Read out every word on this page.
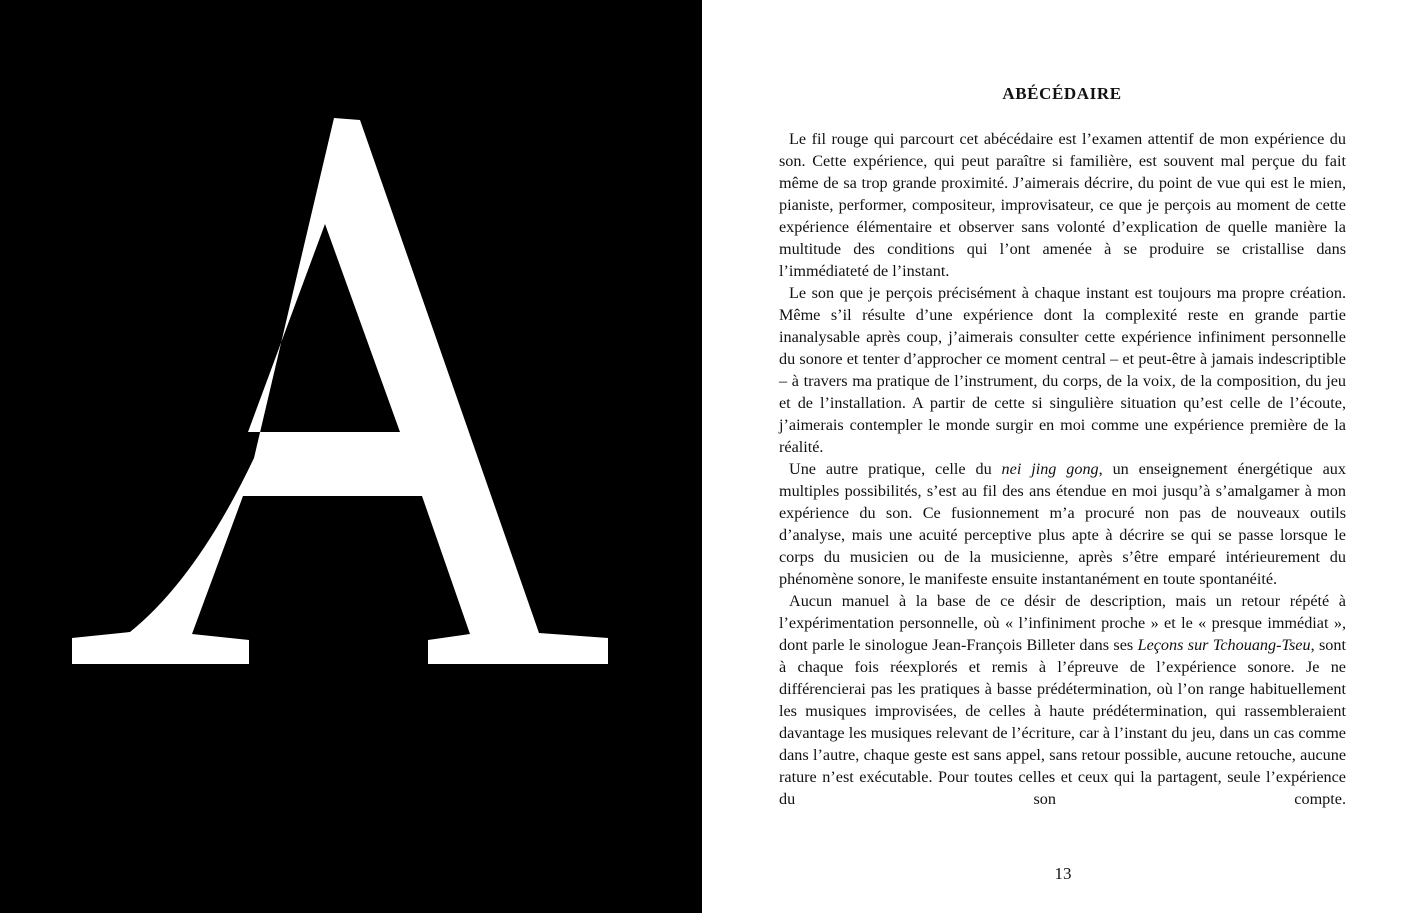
ABÉCÉDAIRE

Le fil rouge qui parcourt cet abécédaire est l’examen attentif de mon expérience du son. Cette expérience, qui peut paraître si familière, est souvent mal perçue du fait même de sa trop grande proximité. J’aimerais décrire, du point de vue qui est le mien, pianiste, performer, compositeur, improvisateur, ce que je perçois au moment de cette expérience élémentaire et observer sans volonté d’explication de quelle manière la multitude des conditions qui l’ont amenée à se produire se cristallise dans l’immédiateté de l’instant.

Le son que je perçois précisément à chaque instant est toujours ma propre création. Même s’il résulte d’une expérience dont la complexité reste en grande partie inanalysable après coup, j’aimerais consulter cette expérience infiniment personnelle du sonore et tenter d’approcher ce moment central – et peut-être à jamais indescriptible – à travers ma pratique de l’instrument, du corps, de la voix, de la composition, du jeu et de l’installation. A partir de cette si singulière situation qu’est celle de l’écoute, j’aimerais contempler le monde surgir en moi comme une expérience première de la réalité.

Une autre pratique, celle du nei jing gong, un enseignement énergétique aux multiples possibilités, s’est au fil des ans étendue en moi jusqu’à s’amalgamer à mon expérience du son. Ce fusionnement m’a procuré non pas de nouveaux outils d’analyse, mais une acuité perceptive plus apte à décrire se qui se passe lorsque le corps du musicien ou de la musicienne, après s’être emparé intérieurement du phénomène sonore, le manifeste ensuite instantanément en toute spontanéité.

Aucun manuel à la base de ce désir de description, mais un retour répété à l’expérimentation personnelle, où « l’infiniment proche » et le « presque immédiat », dont parle le sinologue Jean-François Billeter dans ses Leçons sur Tchouang-Tseu, sont à chaque fois réexplorés et remis à l’épreuve de l’expérience sonore. Je ne différencierai pas les pratiques à basse prédétermination, où l’on range habituellement les musiques improvisées, de celles à haute prédétermination, qui rassembleraient davantage les musiques relevant de l’écriture, car à l’instant du jeu, dans un cas comme dans l’autre, chaque geste est sans appel, sans retour possible, aucune retouche, aucune rature n’est exécutable. Pour toutes celles et ceux qui la partagent, seule l’expérience du son compte.

13
